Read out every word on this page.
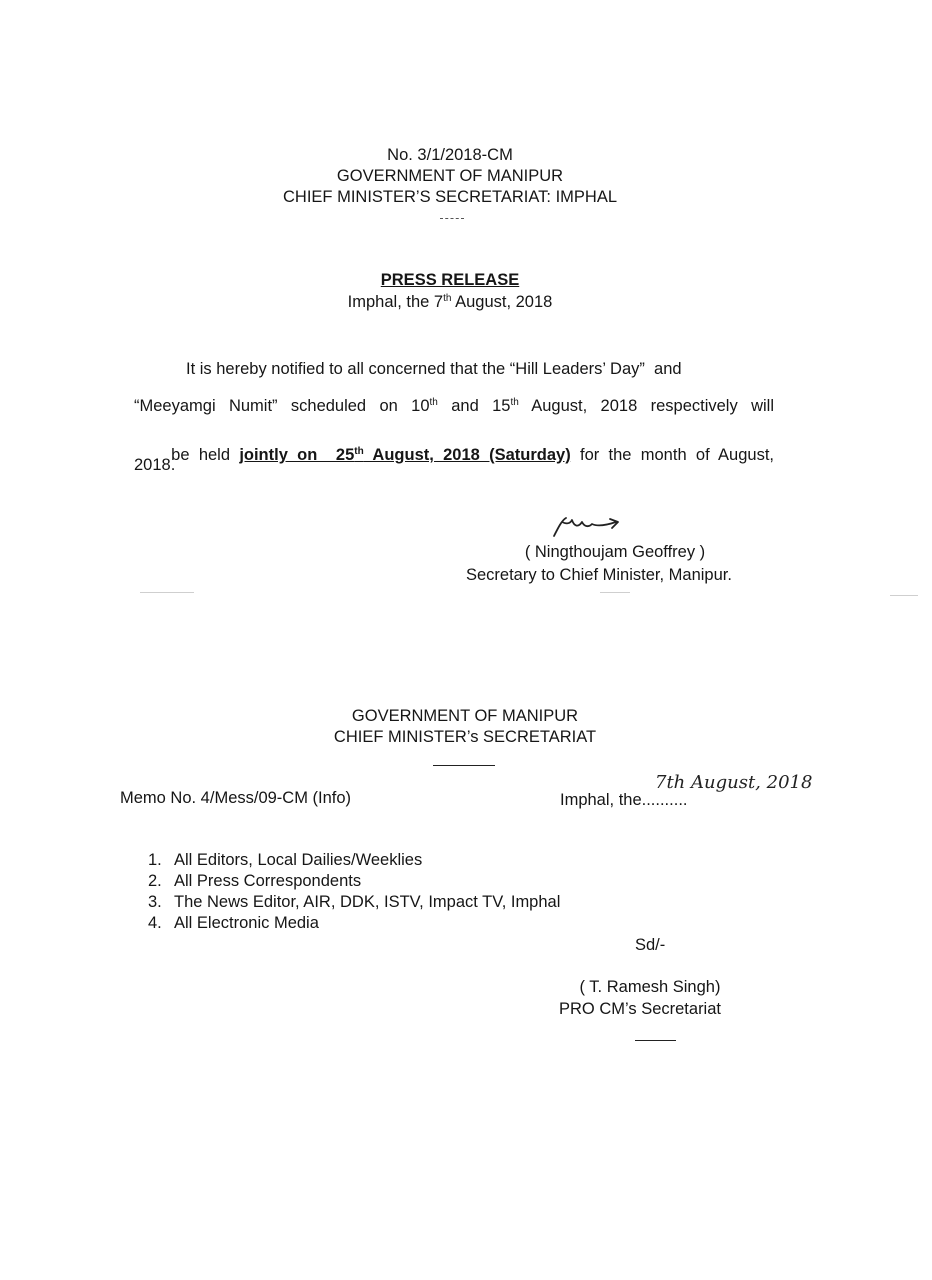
No. 3/1/2018-CM
GOVERNMENT OF MANIPUR
CHIEF MINISTER’S SECRETARIAT: IMPHAL
PRESS RELEASE
Imphal, the 7th August, 2018
It is hereby notified to all concerned that the “Hill Leaders’ Day”  and
“Meeyamgi Numit” scheduled on 10th and 15th August, 2018 respectively will

be held jointly on  25th August, 2018 (Saturday) for the month of August,

2018.
( Ningthoujam Geoffrey )
Secretary to Chief Minister, Manipur.
GOVERNMENT OF MANIPUR
CHIEF MINISTER’s SECRETARIAT
Memo No. 4/Mess/09-CM (Info)	Imphal, the..........
7th August, 2018
1. All Editors, Local Dailies/Weeklies
2. All Press Correspondents
3. The News Editor, AIR, DDK, ISTV, Impact TV, Imphal
4. All Electronic Media
Sd/-
( T. Ramesh Singh)
PRO CM’s Secretariat
